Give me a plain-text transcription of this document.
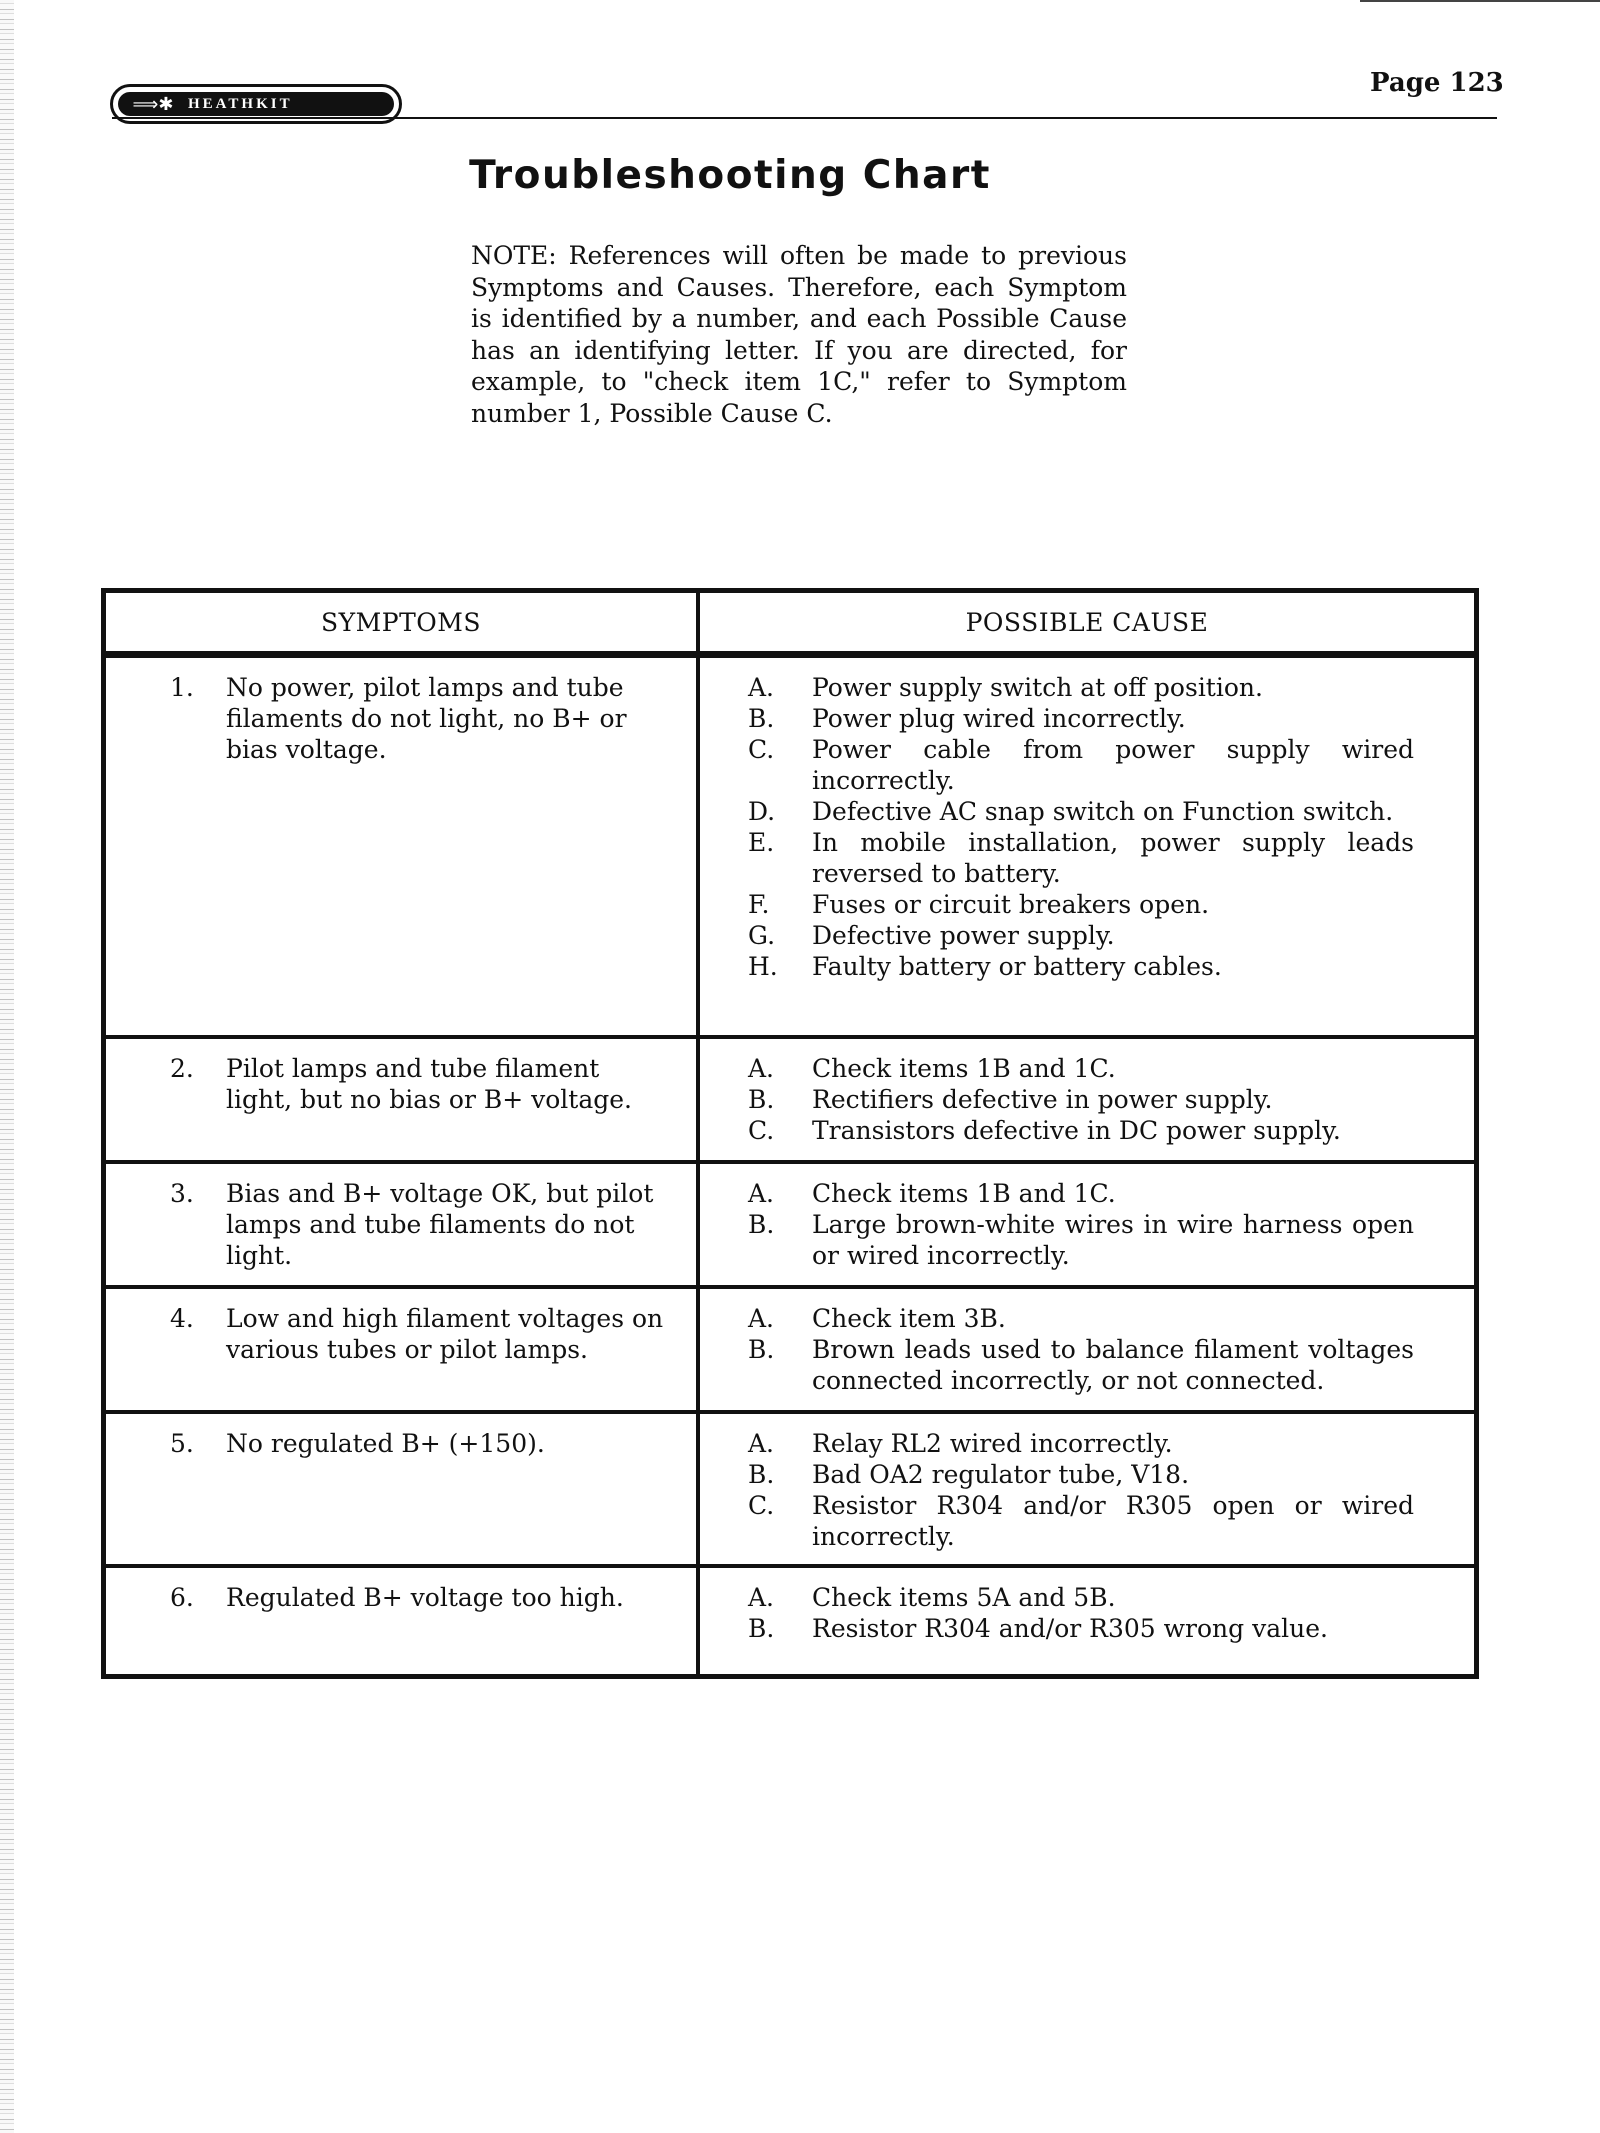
⟹✱ HEATHKIT
Page 123
Troubleshooting Chart
NOTE: References will often be made to previous Symptoms and Causes. Therefore, each Symptom is identified by a number, and each Possible Cause has an identifying letter. If you are directed, for example, to "check item 1C," refer to Symptom number 1, Possible Cause C.
SYMPTOMS	POSSIBLE CAUSE
1.	No power, pilot lamps and tube filaments do not light, no B+ or bias voltage.
A.	Power supply switch at off position.
B.	Power plug wired incorrectly.
C.	Power cable from power supply wired incorrectly.
D.	Defective AC snap switch on Function switch.
E.	In mobile installation, power supply leads reversed to battery.
F.	Fuses or circuit breakers open.
G.	Defective power supply.
H.	Faulty battery or battery cables.
2.	Pilot lamps and tube filament light, but no bias or B+ voltage.
A.	Check items 1B and 1C.
B.	Rectifiers defective in power supply.
C.	Transistors defective in DC power supply.
3.	Bias and B+ voltage OK, but pilot lamps and tube filaments do not light.
A.	Check items 1B and 1C.
B.	Large brown-white wires in wire harness open or wired incorrectly.
4.	Low and high filament voltages on various tubes or pilot lamps.
A.	Check item 3B.
B.	Brown leads used to balance filament voltages connected incorrectly, or not connected.
5.	No regulated B+ (+150).	A.	Relay RL2 wired incorrectly.
B.	Bad OA2 regulator tube, V18.
C.	Resistor R304 and/or R305 open or wired incorrectly.
6.	Regulated B+ voltage too high.	A.	Check items 5A and 5B.
B.	Resistor R304 and/or R305 wrong value.
